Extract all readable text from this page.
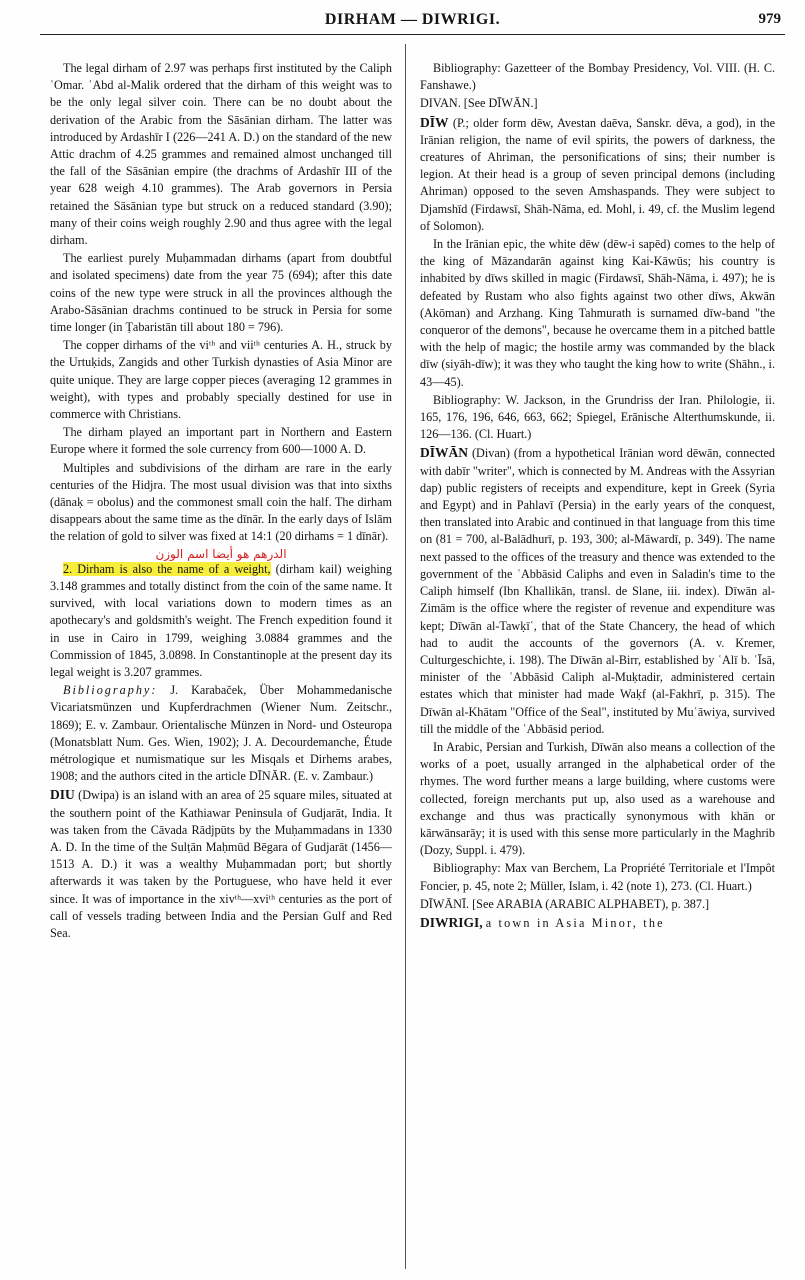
DIRHAM — DIWRIGI.	979

The legal dirham of 2.97 was perhaps first instituted by the Caliph ʿOmar. ʿAbd al-Malik ordered that the dirham of this weight was to be the only legal silver coin. There can be no doubt about the derivation of the Arabic from the Sāsānian dirham. The latter was introduced by Ardashīr I (226—241 A. D.) on the standard of the new Attic drachm of 4.25 grammes and remained almost unchanged till the fall of the Sāsānian empire (the drachms of Ardashīr III of the year 628 weigh 4.10 grammes). The Arab governors in Persia retained the Sāsānian type but struck on a reduced standard (3.90); many of their coins weigh roughly 2.90 and thus agree with the legal dirham.

The earliest purely Muḥammadan dirhams (apart from doubtful and isolated specimens) date from the year 75 (694); after this date coins of the new type were struck in all the provinces although the Arabo-Sāsānian drachms continued to be struck in Persia for some time longer (in Ṭabaristān till about 180 = 796).

The copper dirhams of the viᵗʰ and viiᵗʰ centuries A. H., struck by the Urtuḳids, Zangids and other Turkish dynasties of Asia Minor are quite unique. They are large copper pieces (averaging 12 grammes in weight), with types and probably specially destined for use in commerce with Christians.

The dirham played an important part in Northern and Eastern Europe where it formed the sole currency from 600—1000 A. D.

Multiples and subdivisions of the dirham are rare in the early centuries of the Hidjra. The most usual division was that into sixths (dānaḳ = obolus) and the commonest small coin the half. The dirham disappears about the same time as the dīnār. In the early days of Islām the relation of gold to silver was fixed at 14:1 (20 dirhams = 1 dīnār).

الدرهم هو أيضا اسم الوزن

2. Dirham is also the name of a weight, (dirham kail) weighing 3.148 grammes and totally distinct from the coin of the same name. It survived, with local variations down to modern times as an apothecary's and goldsmith's weight. The French expedition found it in use in Cairo in 1799, weighing 3.0884 grammes and the Commission of 1845, 3.0898. In Constantinople at the present day its legal weight is 3.207 grammes.

Bibliography: J. Karabaček, Über Mohammedanische Vicariatsmünzen und Kupferdrachmen (Wiener Num. Zeitschr., 1869); E. v. Zambaur. Orientalische Münzen in Nord- und Osteuropa (Monatsblatt Num. Ges. Wien, 1902); J. A. Decourdemanche, Étude métrologique et numismatique sur les Misqals et Dirhems arabes, 1908; and the authors cited in the article DĪNĀR. (E. v. Zambaur.)

DIU (Dwipa) is an island with an area of 25 square miles, situated at the southern point of the Kathiawar Peninsula of Gudjarāt, India. It was taken from the Cāvada Rādjpūts by the Muḥammadans in 1330 A. D. In the time of the Sulṭān Maḥmūd Bēgara of Gudjarāt (1456—1513 A. D.) it was a wealthy Muḥammadan port; but shortly afterwards it was taken by the Portuguese, who have held it ever since. It was of importance in the xivᵗʰ—xviᵗʰ centuries as the port of call of vessels trading between India and the Persian Gulf and Red Sea.

Bibliography: Gazetteer of the Bombay Presidency, Vol. VIII. (H. C. Fanshawe.)

DIVAN. [See DĪWĀN.]

DĪW (P.; older form dēw, Avestan daēva, Sanskr. dēva, a god), in the Irānian religion, the name of evil spirits, the powers of darkness, the creatures of Ahriman, the personifications of sins; their number is legion. At their head is a group of seven principal demons (including Ahriman) opposed to the seven Amshaspands. They were subject to Djamshīd (Firdawsī, Shāh-Nāma, ed. Mohl, i. 49, cf. the Muslim legend of Solomon).

In the Irānian epic, the white dēw (dēw-i sapēd) comes to the help of the king of Māzandarān against king Kai-Kāwūs; his country is inhabited by dīws skilled in magic (Firdawsī, Shāh-Nāma, i. 497); he is defeated by Rustam who also fights against two other dīws, Akwān (Akōman) and Arzhang. King Tahmurath is surnamed dīw-band "the conqueror of the demons", because he overcame them in a pitched battle with the help of magic; the hostile army was commanded by the black dīw (siyāh-dīw); it was they who taught the king how to write (Shāhn., i. 43—45).

Bibliography: W. Jackson, in the Grundriss der Iran. Philologie, ii. 165, 176, 196, 646, 663, 662; Spiegel, Erānische Alterthumskunde, ii. 126—136. (Cl. Huart.)

DĪWĀN (Divan) (from a hypothetical Irānian word dēwān, connected with dabīr "writer", which is connected by M. Andreas with the Assyrian dap) public registers of receipts and expenditure, kept in Greek (Syria and Egypt) and in Pahlavī (Persia) in the early years of the conquest, then translated into Arabic and continued in that language from this time on (81 = 700, al-Balādhurī, p. 193, 300; al-Māwardī, p. 349). The name next passed to the offices of the treasury and thence was extended to the government of the ʿAbbāsid Caliphs and even in Saladin's time to the Caliph himself (Ibn Khallikān, transl. de Slane, iii. index). Dīwān al-Zimām is the office where the register of revenue and expenditure was kept; Dīwān al-Tawḳīʿ, that of the State Chancery, the head of which had to audit the accounts of the governors (A. v. Kremer, Culturgeschichte, i. 198). The Dīwān al-Birr, established by ʿAlī b. ʿĪsā, minister of the ʿAbbāsid Caliph al-Muḳtadir, administered certain estates which that minister had made Waḳf (al-Fakhrī, p. 315). The Dīwān al-Khātam "Office of the Seal", instituted by Muʿāwiya, survived till the middle of the ʿAbbāsid period.

In Arabic, Persian and Turkish, Dīwān also means a collection of the works of a poet, usually arranged in the alphabetical order of the rhymes. The word further means a large building, where customs were collected, foreign merchants put up, also used as a warehouse and exchange and thus was practically synonymous with khān or kārwānsarāy; it is used with this sense more particularly in the Maghrib (Dozy, Suppl. i. 479).

Bibliography: Max van Berchem, La Propriété Territoriale et l'Impôt Foncier, p. 45, note 2; Müller, Islam, i. 42 (note 1), 273. (Cl. Huart.)

DĪWĀNĪ. [See ARABIA (ARABIC ALPHABET), p. 387.]

DIWRIGI, a town in Asia Minor, the
